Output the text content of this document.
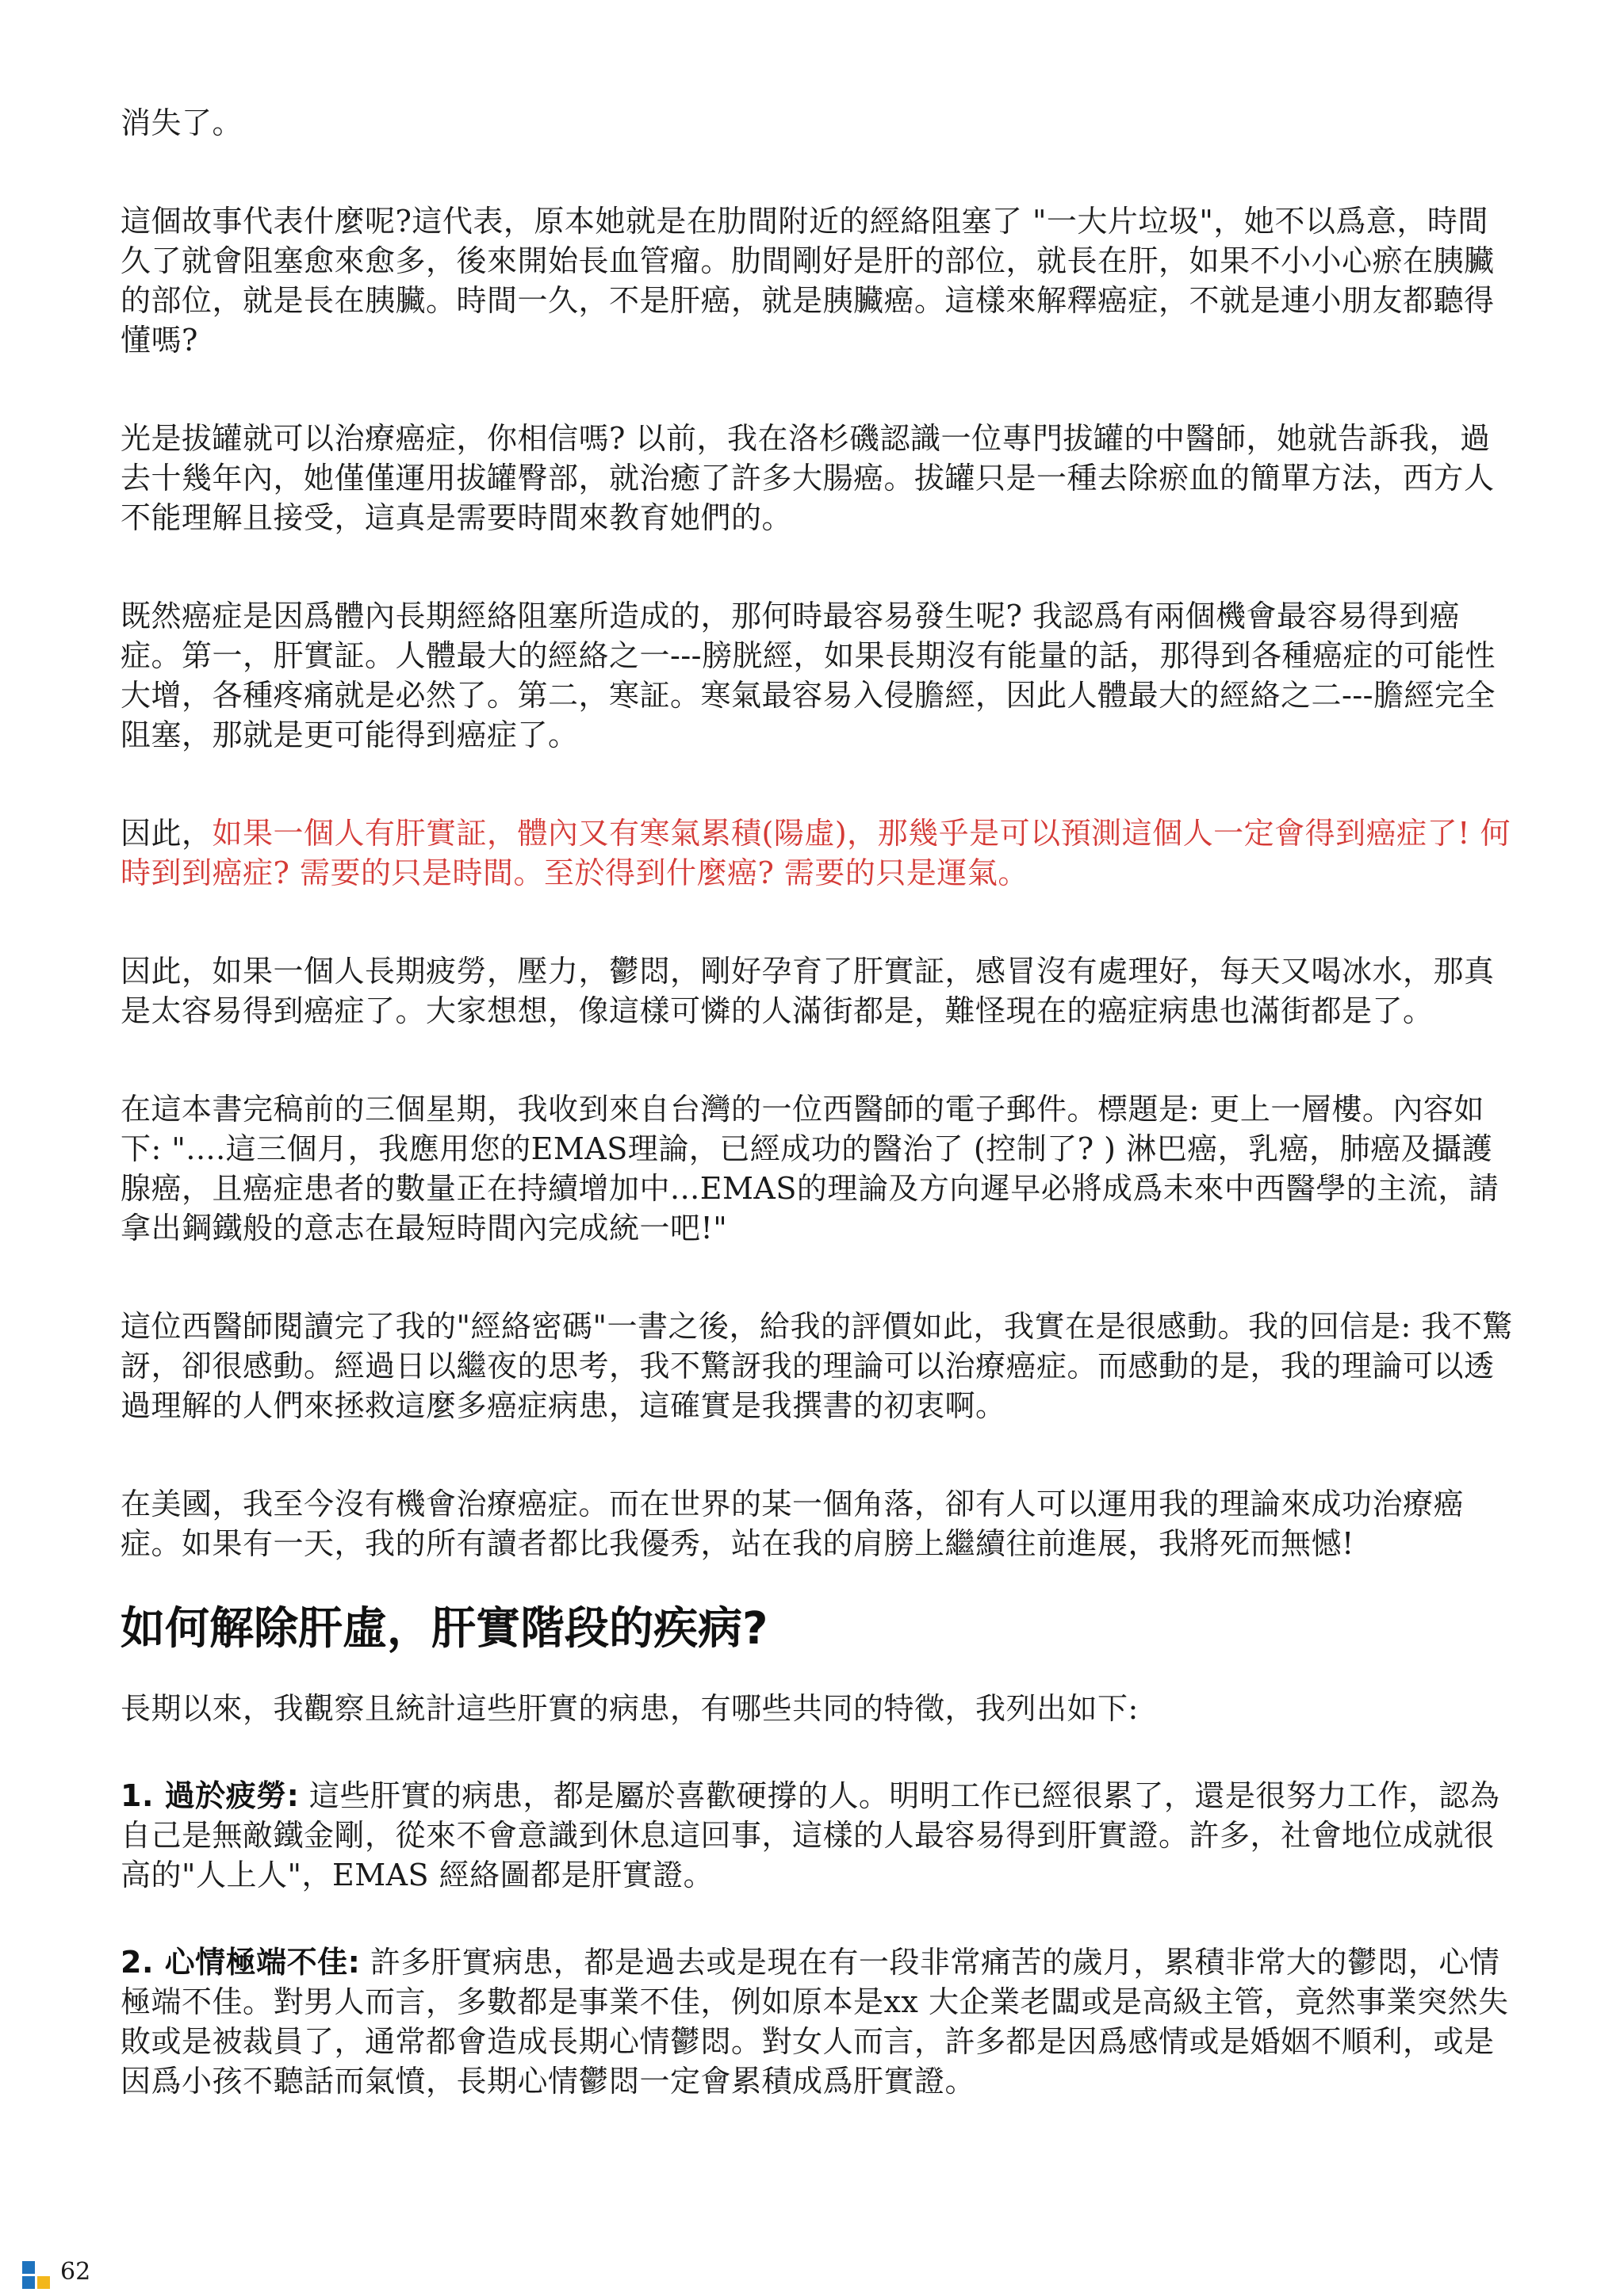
消失了。

這個故事代表什麼呢?這代表，原本她就是在肋間附近的經絡阻塞了 "一大片垃圾"，她不以爲意，時間久了就會阻塞愈來愈多，後來開始長血管瘤。肋間剛好是肝的部位，就長在肝，如果不小小心瘀在胰臟的部位，就是長在胰臟。時間一久，不是肝癌，就是胰臟癌。這樣來解釋癌症，不就是連小朋友都聽得懂嗎?

光是拔罐就可以治療癌症，你相信嗎? 以前，我在洛杉磯認識一位專門拔罐的中醫師，她就告訴我，過去十幾年內，她僅僅運用拔罐臀部，就治癒了許多大腸癌。拔罐只是一種去除瘀血的簡單方法，西方人不能理解且接受，這真是需要時間來教育她們的。

既然癌症是因爲體內長期經絡阻塞所造成的，那何時最容易發生呢? 我認爲有兩個機會最容易得到癌症。第一，肝實証。人體最大的經絡之一---膀胱經，如果長期沒有能量的話，那得到各種癌症的可能性大增，各種疼痛就是必然了。第二，寒証。寒氣最容易入侵膽經，因此人體最大的經絡之二---膽經完全阻塞，那就是更可能得到癌症了。

因此，如果一個人有肝實証，體內又有寒氣累積(陽虛)，那幾乎是可以預測這個人一定會得到癌症了! 何時到到癌症? 需要的只是時間。至於得到什麼癌? 需要的只是運氣。

因此，如果一個人長期疲勞，壓力，鬱悶，剛好孕育了肝實証，感冒沒有處理好，每天又喝冰水，那真是太容易得到癌症了。大家想想，像這樣可憐的人滿街都是，難怪現在的癌症病患也滿街都是了。

在這本書完稿前的三個星期，我收到來自台灣的一位西醫師的電子郵件。標題是: 更上一層樓。內容如下: "....這三個月，我應用您的EMAS理論，已經成功的醫治了 (控制了? ) 淋巴癌，乳癌，肺癌及攝護腺癌，且癌症患者的數量正在持續增加中...EMAS的理論及方向遲早必將成爲未來中西醫學的主流，請拿出鋼鐵般的意志在最短時間內完成統一吧!"

這位西醫師閱讀完了我的"經絡密碼"一書之後，給我的評價如此，我實在是很感動。我的回信是: 我不驚訝，卻很感動。經過日以繼夜的思考，我不驚訝我的理論可以治療癌症。而感動的是，我的理論可以透過理解的人們來拯救這麼多癌症病患，這確實是我撰書的初衷啊。

在美國，我至今沒有機會治療癌症。而在世界的某一個角落，卻有人可以運用我的理論來成功治療癌症。如果有一天，我的所有讀者都比我優秀，站在我的肩膀上繼續往前進展，我將死而無憾!

如何解除肝虛，肝實階段的疾病?

長期以來，我觀察且統計這些肝實的病患，有哪些共同的特徵，我列出如下:

1. 過於疲勞: 這些肝實的病患，都是屬於喜歡硬撐的人。明明工作已經很累了，還是很努力工作，認為自己是無敵鐵金剛，從來不會意識到休息這回事，這樣的人最容易得到肝實證。許多，社會地位成就很高的"人上人"，EMAS 經絡圖都是肝實證。

2. 心情極端不佳: 許多肝實病患，都是過去或是現在有一段非常痛苦的歲月，累積非常大的鬱悶，心情極端不佳。對男人而言，多數都是事業不佳，例如原本是xx 大企業老闆或是高級主管，竟然事業突然失敗或是被裁員了，通常都會造成長期心情鬱悶。對女人而言，許多都是因爲感情或是婚姻不順利，或是因爲小孩不聽話而氣憤，長期心情鬱悶一定會累積成爲肝實證。

62
